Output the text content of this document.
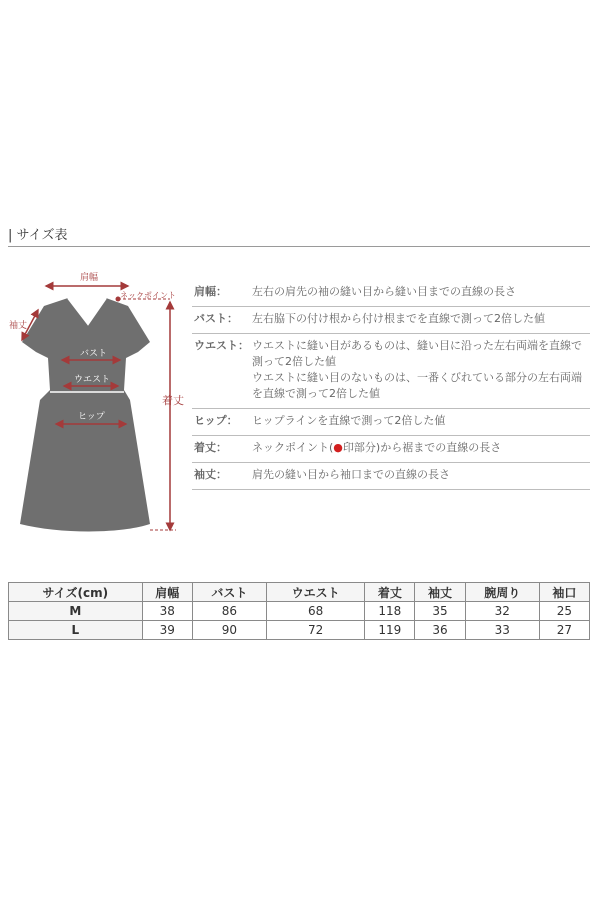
| サイズ表
肩幅
ネックポイント
袖丈
バスト
ウエスト
ヒップ
着丈
肩幅：	左右の肩先の袖の縫い目から縫い目までの直線の長さ
バスト：	左右脇下の付け根から付け根までを直線で測って2倍した値
ウエスト： ウエストに縫い目があるものは、縫い目に沿った左右両端を直線で
測って2倍した値
ウエストに縫い目のないものは、一番くびれている部分の左右両端
を直線で測って2倍した値
ヒップ：	ヒップラインを直線で測って2倍した値
着丈：	ネックポイント(●印部分)から裾までの直線の長さ
袖丈：	肩先の縫い目から袖口までの直線の長さ
サイズ(cm)	肩幅	バスト	ウエスト	着丈	袖丈	腕周り	袖口
M	38	86	68	118	35	32	25
L	39	90	72	119	36	33	27
